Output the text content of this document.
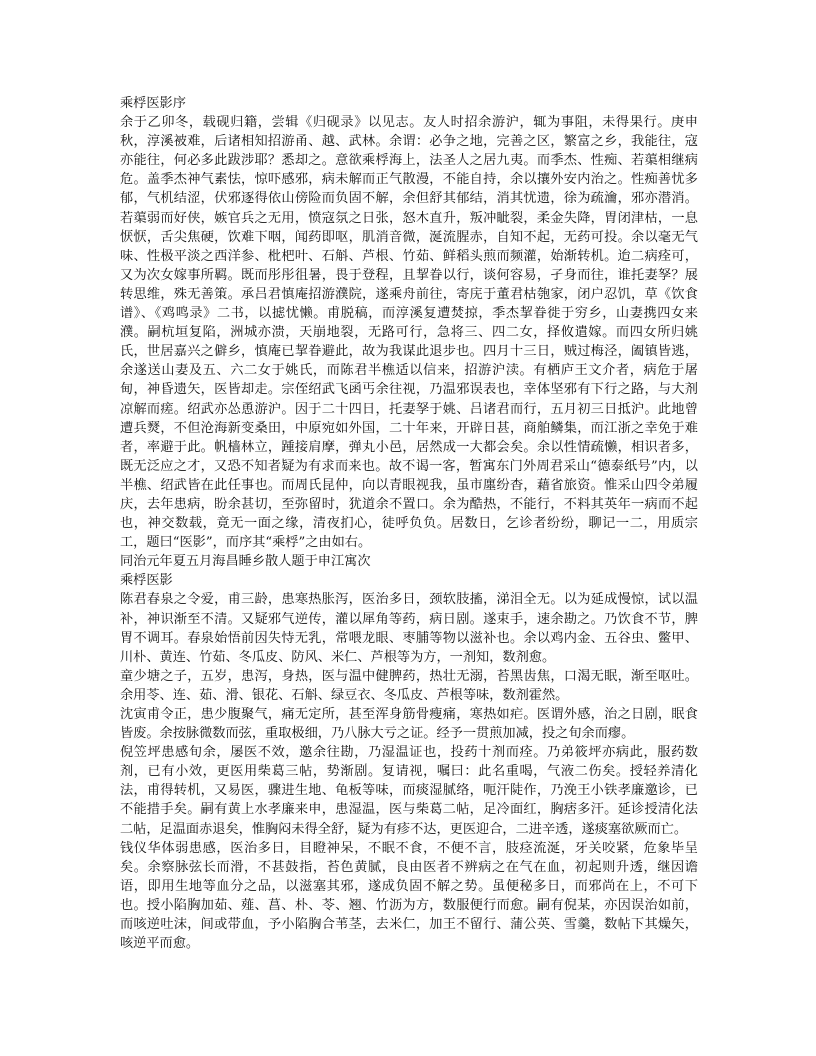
乘桴医影序

余于乙卯冬，载砚归籍，尝辑《归砚录》以见志。友人时招余游沪，辄为事阻，未得果行。庚申秋，淳溪被难，后诸相知招游甬、越、武林。余谓：必争之地，完善之区，繁富之乡，我能往，寇亦能往，何必多此跋涉耶？悉却之。意欲乘桴海上，法圣人之居九夷。而季杰、性痴、若蕖相继病危。盖季杰神气素怯，惊吓感邪，病未解而正气散漫，不能自持，余以攘外安内治之。性痴善忧多郁，气机结涩，伏邪逐得依山傍险而负固不解，余但舒其郁结，消其忧遗，徐为疏瀹，邪亦潜消。若蕖弱而好侠，嫉官兵之无用，愤寇氛之日张，怒木直升，叛冲眦裂，柔金失降，胃闭津枯，一息恹恹，舌尖焦硬，饮难下咽，闻药即呕，肌消音微，涎流腥赤，自知不起，无药可投。余以毫无气味、性极平淡之西洋参、枇杷叶、石斛、芦根、竹茹、鲜稻头煎而频灌，始渐转机。迨二病痊可，又为次女嫁事所羁。既而彤彤徂暑，畏于登程，且挈眷以行，谈何容易，孑身而往，谁托妻孥？展转思维，殊无善策。承吕君慎庵招游濮院，遂乘舟前往，寄庑于董君枯匏家，闭户忍饥，草《饮食谱》、《鸡鸣录》二书，以摅忧懒。甫脱稿，而淳溪复遭焚掠，季杰挈眷徙于穷乡，山妻携四女来濮。嗣杭垣复陷，洲城亦溃，天崩地裂，无路可行，急将三、四二女，择攸遣嫁。而四女所归姚氏，世居嘉兴之僻乡，慎庵已挈眷避此，故为我谋此退步也。四月十三日，贼过梅泾，阖镇皆逃，余遂送山妻及五、六二女于姚氏，而陈君半樵适以信来，招游沪渎。有栖庐王文介者，病危于屠甸，神昏遗矢，医皆却走。宗侄绍武飞函丐余往视，乃温邪误表也，幸体坚邪有下行之路，与大剂凉解而瘥。绍武亦怂恿游沪。因于二十四日，托妻孥于姚、吕诸君而行，五月初三日抵沪。此地曾遭兵燹，不但沧海新变桑田，中原宛如外国，二十年来，开辟日甚，商舶鳞集，而江浙之幸免于难者，率避于此。帆樯林立，踵接肩摩，弹丸小邑，居然成一大都会矣。余以性情疏懒，相识者多，既无泛应之才，又恐不知者疑为有求而来也。故不谒一客，暂寓东门外周君采山“德泰纸号”内，以半樵、绍武皆在此任事也。而周氏昆仲，向以青眼视我，虽市廛纷杳，藉省旅资。惟采山四令弟履庆，去年患病，盼余甚切，至弥留时，犹道余不置口。余为酷热，不能行，不料其英年一病而不起也，神交数载，竟无一面之缘，清夜扪心，徒呼负负。居数日，乞诊者纷纷，聊记一二，用质宗工，题曰“医影”，而序其“乘桴”之由如右。

同治元年夏五月海昌睡乡散人题于申江寓次
乘桴医影

陈君春泉之令爱，甫三龄，患寒热胀泻，医治多日，颈软肢搐，涕泪全无。以为延成慢惊，试以温补，神识渐至不清。又疑邪气逆传，灌以犀角等药，病日剧。遂束手，速余勘之。乃饮食不节，脾胃不调耳。春泉始悟前因失恃无乳，常喂龙眼、枣脯等物以滋补也。余以鸡内金、五谷虫、鳖甲、川朴、黄连、竹茹、冬瓜皮、防风、米仁、芦根等为方，一剂知，数剂愈。

童少塘之子，五岁，患泻，身热，医与温中健脾药，热壮无溺，苔黑齿焦，口渴无眠，渐至呕吐。余用苓、连、茹、滑、银花、石斛、绿豆衣、冬瓜皮、芦根等味，数剂霍然。

沈寅甫令正，患少腹聚气，痛无定所，甚至浑身筋骨瘦痛，寒热如疟。医谓外感，治之日剧，眠食皆废。余按脉微数而弦，重取极细，乃八脉大亏之证。经予一贯煎加减，投之旬余而瘳。

倪笠坪患感旬余，屡医不效，邀余往勘，乃湿温证也，投药十剂而痊。乃弟筱坪亦病此，服药数剂，已有小效，更医用柴葛三帖，势渐剧。复请视，嘱曰：此名重喝，气液二伤矣。授轻养清化法，甫得转机，又易医，骤进生地、龟板等味，而痰湿腻络，呃汗陡作，乃浼王小铁孝廉邀诊，已不能措手矣。嗣有黄上水孝廉来申，患湿温，医与柴葛二帖，足冷面红，胸痞多汗。延诊授清化法二帖，足温面赤退矣，惟胸闷未得全舒，疑为有疹不达，更医迎合，二进辛透，遂痰塞欲厥而亡。

钱仪华体弱患感，医治多日，目瞪神呆，不眠不食，不便不言，肢痉流涎，牙关咬紧，危象毕呈矣。余察脉弦长而滑，不甚鼓指，苔色黄腻，良由医者不辨病之在气在血，初起则升透，继因谵语，即用生地等血分之品，以滋塞其邪，遂成负固不解之势。虽便秘多日，而邪尚在上，不可下也。授小陷胸加茹、薤、菖、朴、苓、翘、竹沥为方，数服便行而愈。嗣有倪某，亦因误治如前，而咳逆吐沫，间或带血，予小陷胸合苇茎，去米仁，加王不留行、蒲公英、雪羹，数帖下其燥矢，咳逆平而愈。
